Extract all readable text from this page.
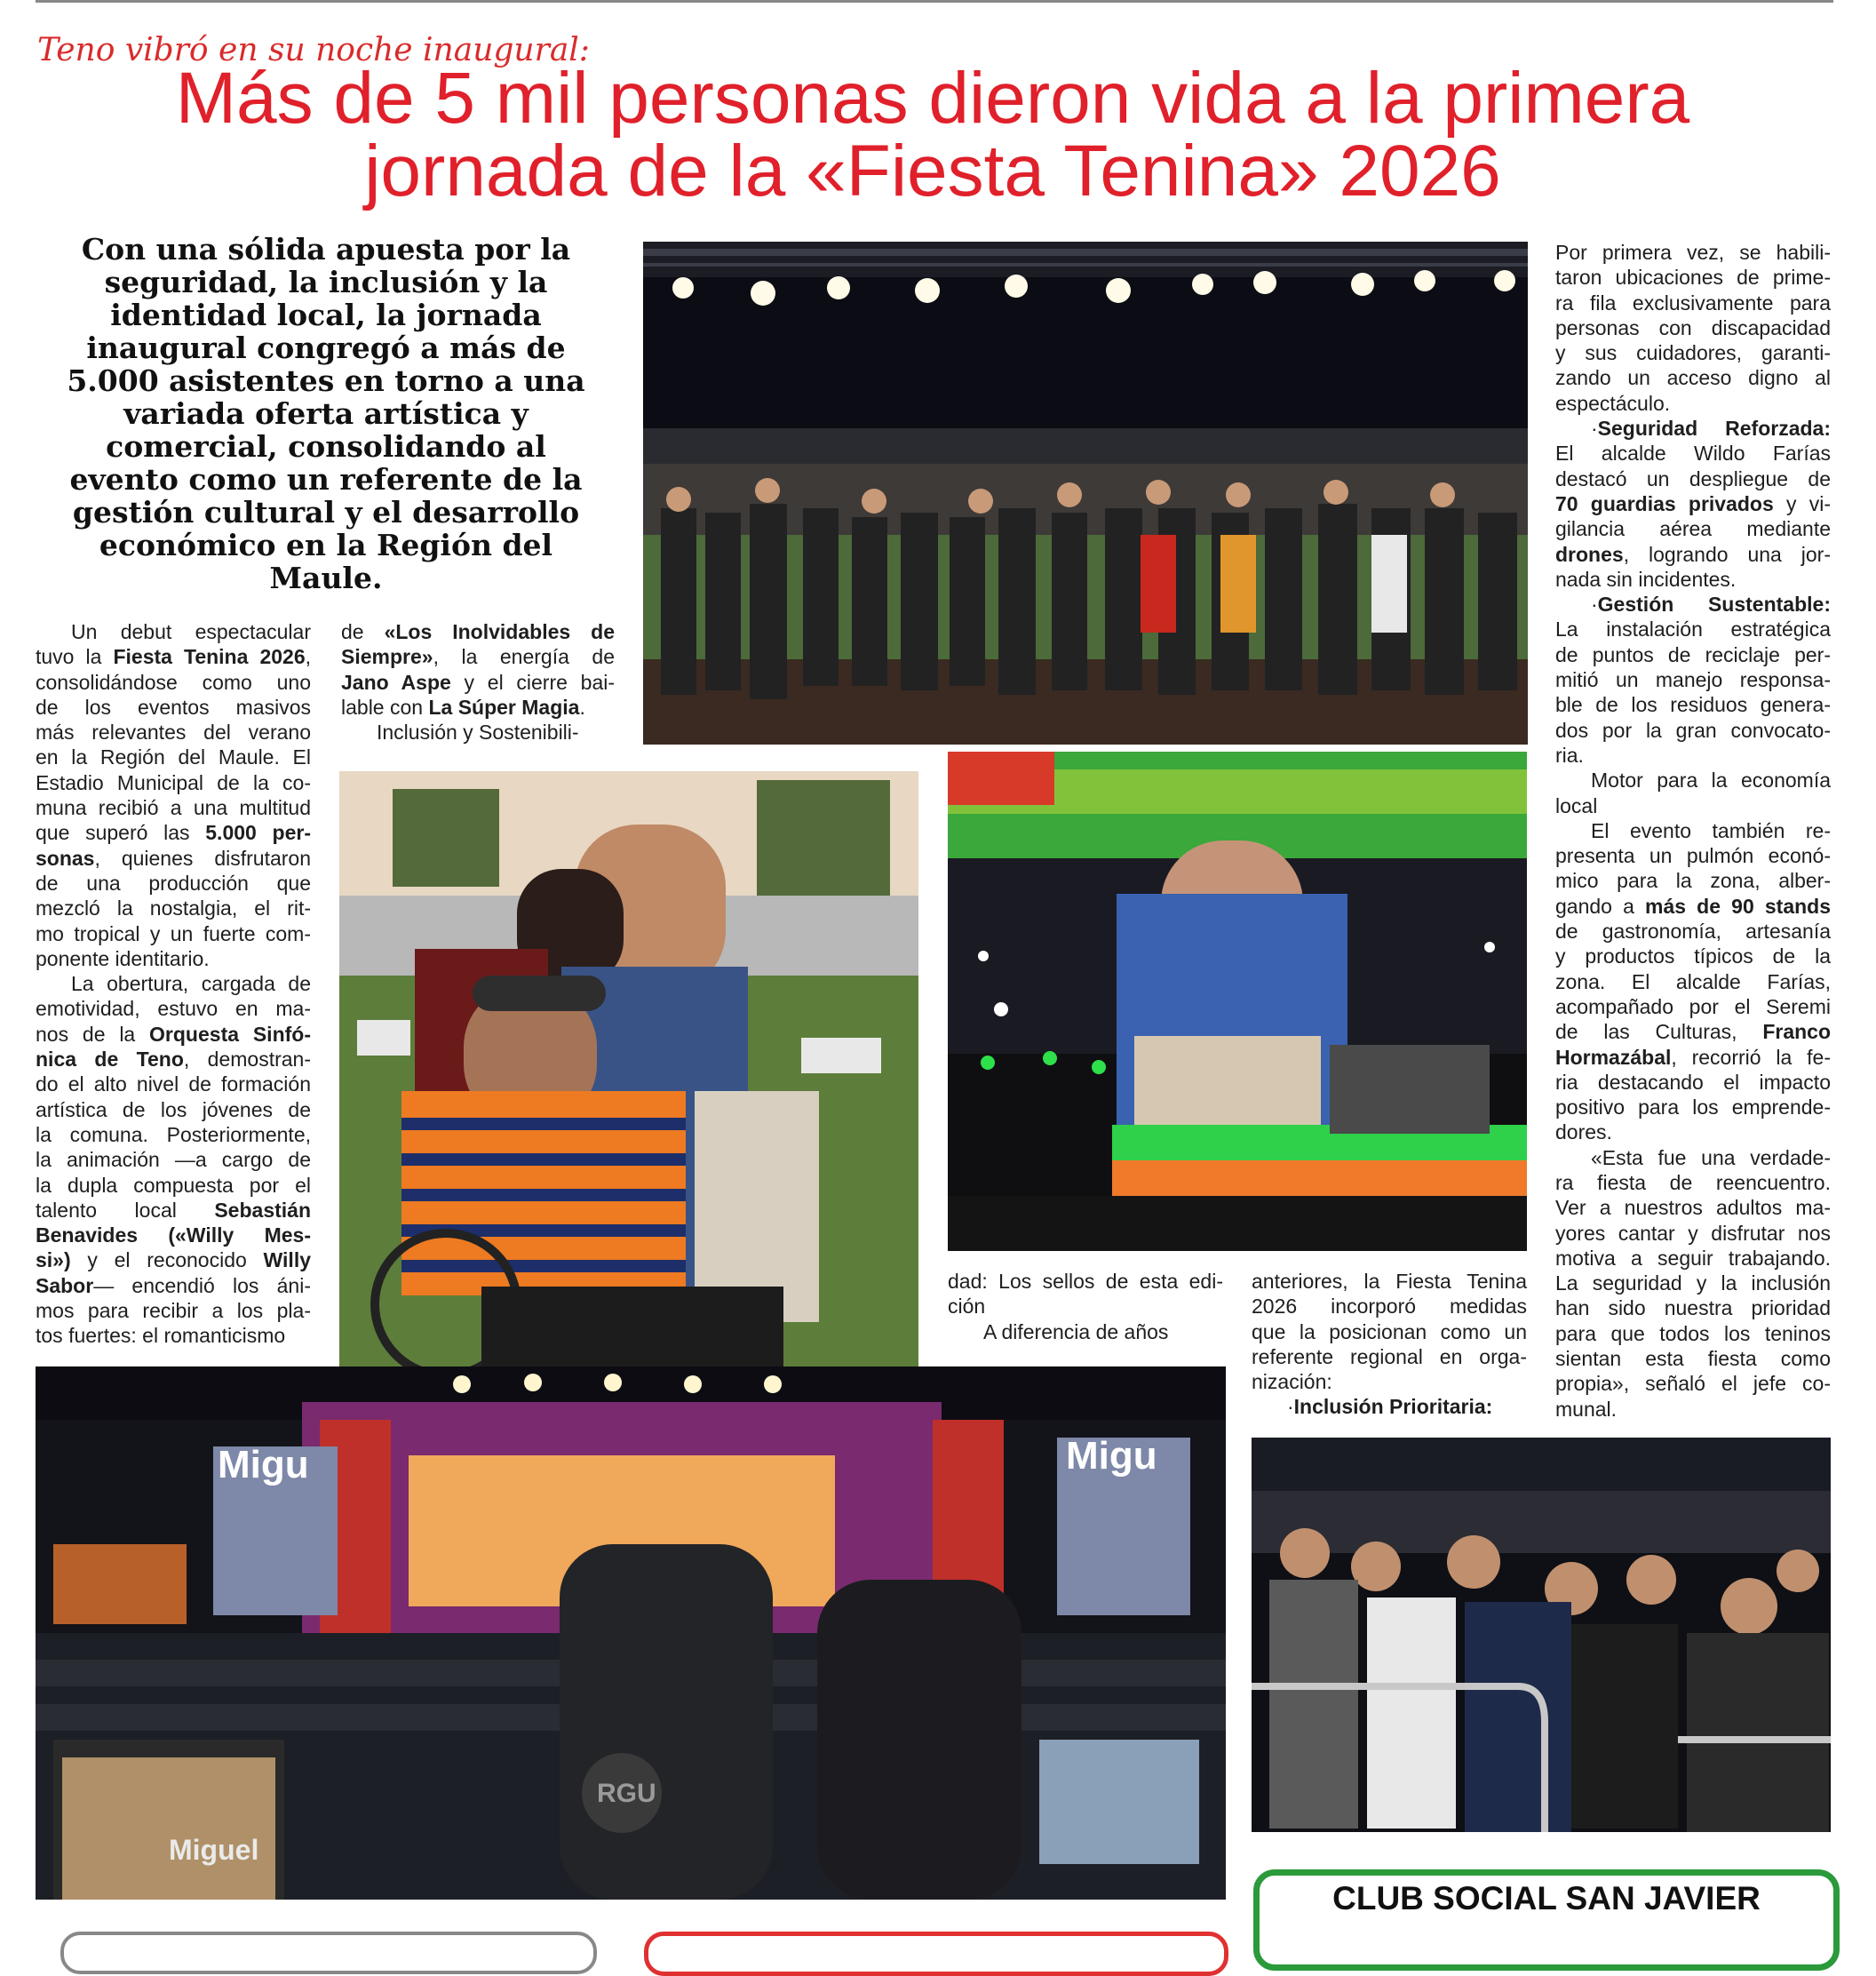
Teno vibró en su noche inaugural:
Más de 5 mil personas dieron vida a la primera
jornada de la «Fiesta Tenina» 2026
Con una sólida apuesta por la
seguridad, la inclusión y la
identidad local, la jornada
inaugural congregó a más de
5.000 asistentes en torno a una
variada oferta artística y
comercial, consolidando al
evento como un referente de la
gestión cultural y el desarrollo
económico en la Región del
Maule.
Migu	Migu
Miguel
RGU

Un debut espectacular

tuvo la Fiesta Tenina 2026,

consolidándose como uno

de los eventos masivos

más relevantes del verano

en la Región del Maule. El

Estadio Municipal de la co-

muna recibió a una multitud

que superó las 5.000 per-

sonas, quienes disfrutaron

de una producción que

mezcló la nostalgia, el rit-

mo tropical y un fuerte com-

ponente identitario.

La obertura, cargada de

emotividad, estuvo en ma-

nos de la Orquesta Sinfó-

nica de Teno, demostran-

do el alto nivel de formación

artística de los jóvenes de

la comuna. Posteriormente,

la animación —a cargo de

la dupla compuesta por el

talento local Sebastián

Benavides («Willy Mes-

si») y el reconocido Willy

Sabor— encendió los áni-

mos para recibir a los pla-

tos fuertes: el romanticismo

de «Los Inolvidables de

Siempre», la energía de

Jano Aspe y el cierre bai-

lable con La Súper Magia.

Inclusión y Sostenibili-

dad: Los sellos de esta edi-

ción

A diferencia de años

anteriores, la Fiesta Tenina

2026 incorporó medidas

que la posicionan como un

referente regional en orga-

nización:

·Inclusión Prioritaria:

Por primera vez, se habili-

taron ubicaciones de prime-

ra fila exclusivamente para

personas con discapacidad

y sus cuidadores, garanti-

zando un acceso digno al

espectáculo.

·Seguridad Reforzada:

El alcalde Wildo Farías

destacó un despliegue de

70 guardias privados y vi-

gilancia aérea mediante

drones, logrando una jor-

nada sin incidentes.

·Gestión Sustentable:

La instalación estratégica

de puntos de reciclaje per-

mitió un manejo responsa-

ble de los residuos genera-

dos por la gran convocato-

ria.

Motor para la economía

local

El evento también re-

presenta un pulmón econó-

mico para la zona, alber-

gando a más de 90 stands

de gastronomía, artesanía

y productos típicos de la

zona. El alcalde Farías,

acompañado por el Seremi

de las Culturas, Franco

Hormazábal, recorrió la fe-

ria destacando el impacto

positivo para los emprende-

dores.

«Esta fue una verdade-

ra fiesta de reencuentro.

Ver a nuestros adultos ma-

yores cantar y disfrutar nos

motiva a seguir trabajando.

La seguridad y la inclusión

han sido nuestra prioridad

para que todos los teninos

sientan esta fiesta como

propia», señaló el jefe co-

munal.

CLUB SOCIAL SAN JAVIER
